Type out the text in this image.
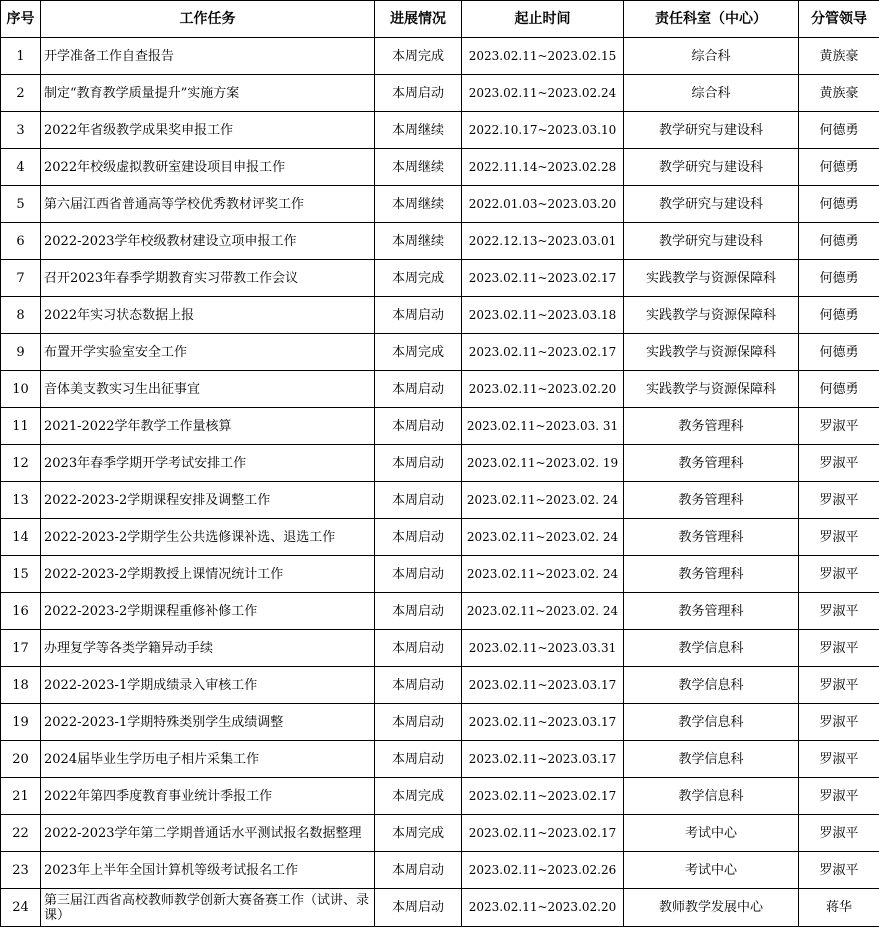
序号	工作任务	进展情况	起止时间	责任科室（中心）	分管领导
1	开学准备工作自查报告	本周完成	2023.02.11~2023.02.15	综合科	黄族豪
2	制定“教育教学质量提升”实施方案	本周启动	2023.02.11~2023.02.24	综合科	黄族豪
3	2022年省级教学成果奖申报工作	本周继续	2022.10.17~2023.03.10	教学研究与建设科	何德勇
4	2022年校级虚拟教研室建设项目申报工作	本周继续	2022.11.14~2023.02.28	教学研究与建设科	何德勇
5	第六届江西省普通高等学校优秀教材评奖工作	本周继续	2022.01.03~2023.03.20	教学研究与建设科	何德勇
6	2022-2023学年校级教材建设立项申报工作	本周继续	2022.12.13~2023.03.01	教学研究与建设科	何德勇
7	召开2023年春季学期教育实习带教工作会议	本周完成	2023.02.11~2023.02.17	实践教学与资源保障科	何德勇
8	2022年实习状态数据上报	本周启动	2023.02.11~2023.03.18	实践教学与资源保障科	何德勇
9	布置开学实验室安全工作	本周完成	2023.02.11~2023.02.17	实践教学与资源保障科	何德勇
10	音体美支教实习生出征事宜	本周启动	2023.02.11~2023.02.20	实践教学与资源保障科	何德勇
11	2021-2022学年教学工作量核算	本周启动	2023.02.11~2023.03. 31	教务管理科	罗淑平
12	2023年春季学期开学考试安排工作	本周启动	2023.02.11~2023.02. 19	教务管理科	罗淑平
13	2022-2023-2学期课程安排及调整工作	本周启动	2023.02.11~2023.02. 24	教务管理科	罗淑平
14	2022-2023-2学期学生公共选修课补选、退选工作	本周启动	2023.02.11~2023.02. 24	教务管理科	罗淑平
15	2022-2023-2学期教授上课情况统计工作	本周启动	2023.02.11~2023.02. 24	教务管理科	罗淑平
16	2022-2023-2学期课程重修补修工作	本周启动	2023.02.11~2023.02. 24	教务管理科	罗淑平
17	办理复学等各类学籍异动手续	本周启动	2023.02.11~2023.03.31	教学信息科	罗淑平
18	2022-2023-1学期成绩录入审核工作	本周启动	2023.02.11~2023.03.17	教学信息科	罗淑平
19	2022-2023-1学期特殊类别学生成绩调整	本周启动	2023.02.11~2023.03.17	教学信息科	罗淑平
20	2024届毕业生学历电子相片采集工作	本周启动	2023.02.11~2023.03.17	教学信息科	罗淑平
21	2022年第四季度教育事业统计季报工作	本周完成	2023.02.11~2023.02.17	教学信息科	罗淑平
22	2022-2023学年第二学期普通话水平测试报名数据整理	本周完成	2023.02.11~2023.02.17	考试中心	罗淑平
23	2023年上半年全国计算机等级考试报名工作	本周启动	2023.02.11~2023.02.26	考试中心	罗淑平
24	第三届江西省高校教师教学创新大赛备赛工作（试讲、录课）	本周启动	2023.02.11~2023.02.20	教师教学发展中心	蒋华
